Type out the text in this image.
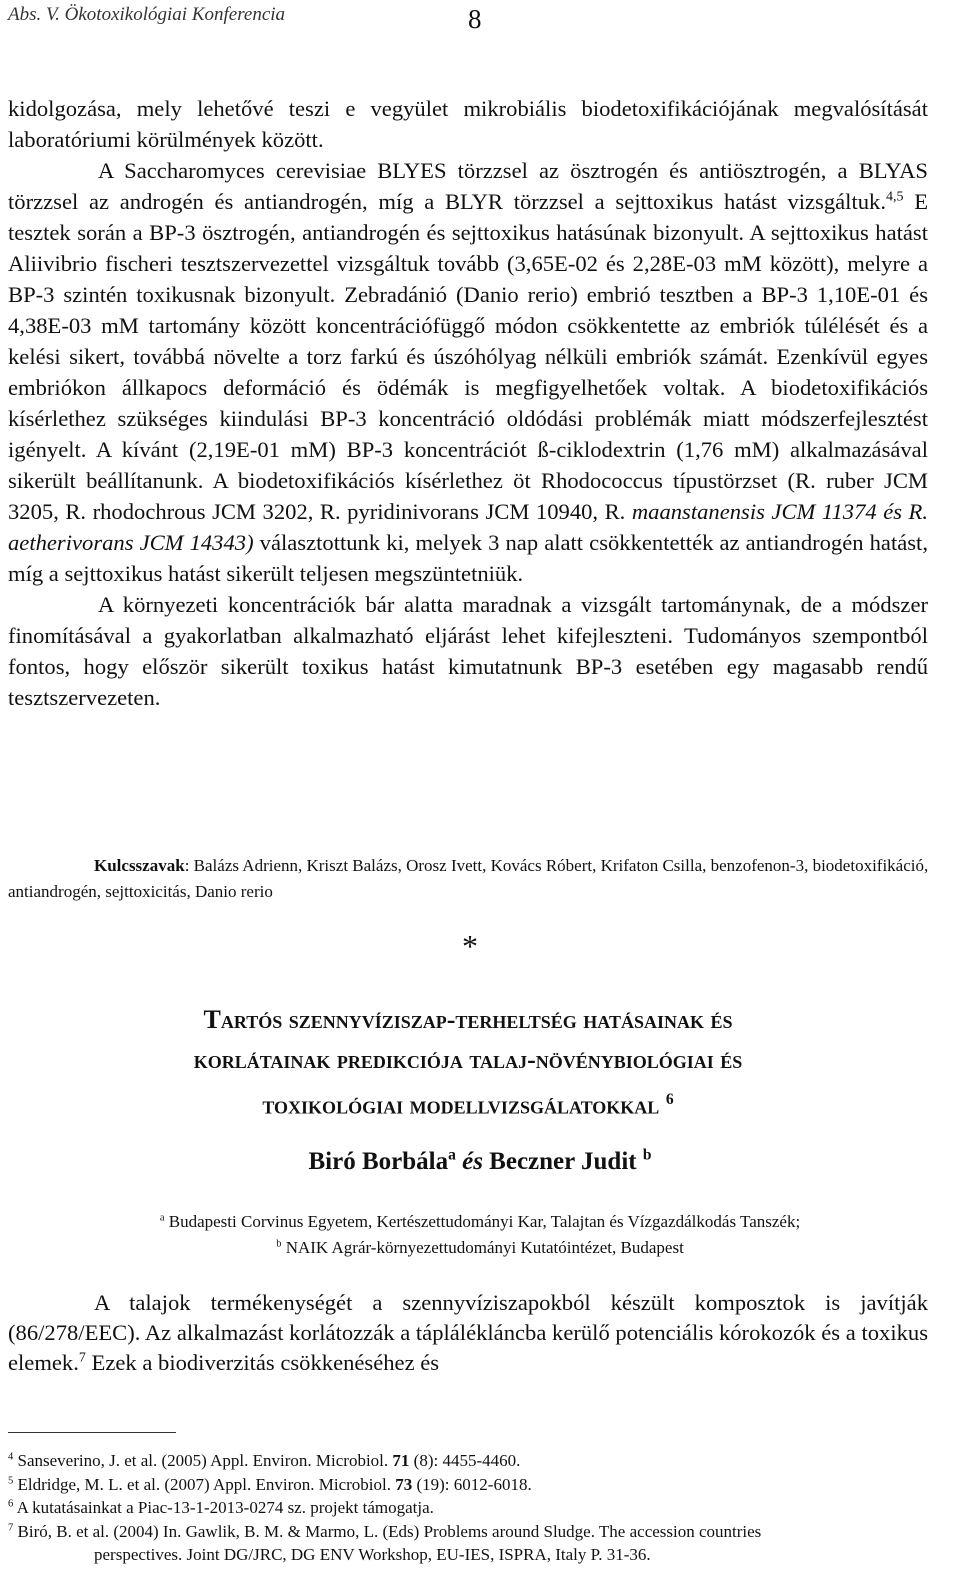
Abs. V. Ökotoxikológiai Konferencia	8

kidolgozása, mely lehetővé teszi e vegyület mikrobiális biodetoxifikációjának megvalósítását laboratóriumi körülmények között.

A Saccharomyces cerevisiae BLYES törzzsel az ösztrogén és antiösztrogén, a BLYAS törzzsel az androgén és antiandrogén, míg a BLYR törzzsel a sejttoxikus hatást vizsgáltuk.$^{4,5}$ E tesztek során a BP-3 ösztrogén, antiandrogén és sejttoxikus hatásúnak bizonyult. A sejttoxikus hatást Aliivibrio fischeri tesztszervezettel vizsgáltuk tovább (3,65E-02 és 2,28E-03 mM között), melyre a BP-3 szintén toxikusnak bizonyult. Zebradánió (Danio rerio) embrió tesztben a BP-3 1,10E-01 és 4,38E-03 mM tartomány között koncentrációfüggő módon csökkentette az embriók túlélését és a kelési sikert, továbbá növelte a torz farkú és úszóhólyag nélküli embriók számát. Ezenkívül egyes embriókon állkapocs deformáció és ödémák is megfigyelhetőek voltak. A biodetoxifikációs kísérlethez szükséges kiindulási BP-3 koncentráció oldódási problémák miatt módszerfejlesztést igényelt. A kívánt (2,19E-01 mM) BP-3 koncentrációt ß-ciklodextrin (1,76 mM) alkalmazásával sikerült beállítanunk. A biodetoxifikációs kísérlethez öt Rhodococcus típustörzset (R. ruber JCM 3205, R. rhodochrous JCM 3202, R. pyridinivorans JCM 10940, R. maanstanensis JCM 11374 és R. aetherivorans JCM 14343) választottunk ki, melyek 3 nap alatt csökkentették az antiandrogén hatást, míg a sejttoxikus hatást sikerült teljesen megszüntetniük.

A környezeti koncentrációk bár alatta maradnak a vizsgált tartománynak, de a módszer finomításával a gyakorlatban alkalmazható eljárást lehet kifejleszteni. Tudományos szempontból fontos, hogy először sikerült toxikus hatást kimutatnunk BP-3 esetében egy magasabb rendű tesztszervezeten.

Kulcsszavak: Balázs Adrienn, Kriszt Balázs, Orosz Ivett, Kovács Róbert, Krifaton Csilla, benzofenon-3, biodetoxifikáció, antiandrogén, sejttoxicitás, Danio rerio
*
Tartós szennyvíziszap-terheltség hatásainak és
korlátainak predikciója talaj-növénybiológiai és
toxikológiai modellvizsgálatokkal $^6$
Biró Borbála$^a$ és Beczner Judit $^b$
$^a$ Budapesti Corvinus Egyetem, Kertészettudományi Kar, Talajtan és Vízgazdálkodás Tanszék;
$^b$ NAIK Agrár-környezettudományi Kutatóintézet, Budapest

A talajok termékenységét a szennyvíziszapokból készült komposztok is javítják (86/278/EEC). Az alkalmazást korlátozzák a táplálékláncba kerülő potenciális kórokozók és a toxikus elemek.$^7$ Ezek a biodiverzitás csökkenéséhez és

$^4$ Sanseverino, J. et al. (2005) Appl. Environ. Microbiol. 71 (8): 4455-4460.
$^5$ Eldridge, M. L. et al. (2007) Appl. Environ. Microbiol. 73 (19): 6012-6018.
$^6$ A kutatásainkat a Piac-13-1-2013-0274 sz. projekt támogatja.
$^7$ Biró, B. et al. (2004) In. Gawlik, B. M. & Marmo, L. (Eds) Problems around Sludge. The accession countries
perspectives. Joint DG/JRC, DG ENV Workshop, EU-IES, ISPRA, Italy P. 31-36.
